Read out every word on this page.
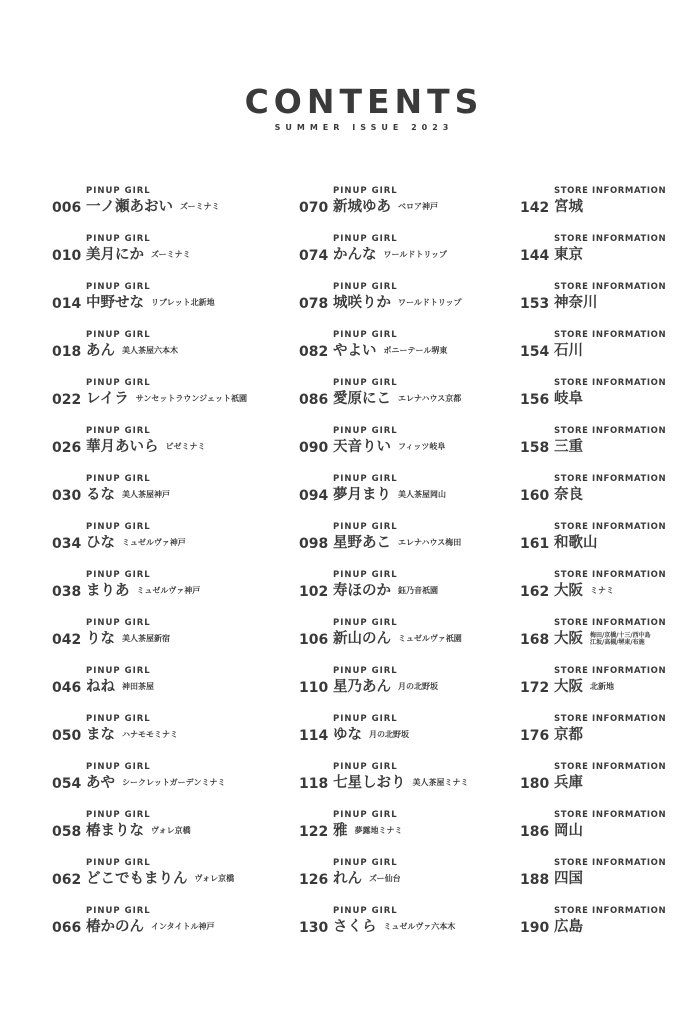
CONTENTS
SUMMER ISSUE 2023
PINUP GIRL
006 一ノ瀬あおい ズーミナミ
PINUP GIRL
010 美月にか ズーミナミ
PINUP GIRL
014 中野せな リブレット北新地
PINUP GIRL
018 あん 美人茶屋六本木
PINUP GIRL
022 レイラ サンセットラウンジェット祇園
PINUP GIRL
026 華月あいら ビゼミナミ
PINUP GIRL
030 るな 美人茶屋神戸
PINUP GIRL
034 ひな ミュゼルヴァ神戸
PINUP GIRL
038 まりあ ミュゼルヴァ神戸
PINUP GIRL
042 りな 美人茶屋新宿
PINUP GIRL
046 ねね 神田茶屋
PINUP GIRL
050 まな ハナモモミナミ
PINUP GIRL
054 あや シークレットガーデンミナミ
PINUP GIRL
058 椿まりな ヴォレ京橋
PINUP GIRL
062 どこでもまりん ヴォレ京橋
PINUP GIRL
066 椿かのん インタイトル神戸
PINUP GIRL
070 新城ゆあ ベロア神戸
PINUP GIRL
074 かんな ワールドトリップ
PINUP GIRL
078 城咲りか ワールドトリップ
PINUP GIRL
082 やよい ポニーテール堺東
PINUP GIRL
086 愛原にこ エレナハウス京都
PINUP GIRL
090 天音りい フィッツ岐阜
PINUP GIRL
094 夢月まり 美人茶屋岡山
PINUP GIRL
098 星野あこ エレナハウス梅田
PINUP GIRL
102 寿ほのか 鈺乃音祇園
PINUP GIRL
106 新山のん ミュゼルヴァ祇園
PINUP GIRL
110 星乃あん 月の北野坂
PINUP GIRL
114 ゆな 月の北野坂
PINUP GIRL
118 七星しおり 美人茶屋ミナミ
PINUP GIRL
122 雅夢露地ミナミ
PINUP GIRL
126 れん ズー仙台
PINUP GIRL
130 さくら ミュゼルヴァ六本木
STORE INFORMATION
142 宮城
STORE INFORMATION
144 東京
STORE INFORMATION
153 神奈川
STORE INFORMATION
154 石川
STORE INFORMATION
156 岐阜
STORE INFORMATION
158 三重
STORE INFORMATION
160 奈良
STORE INFORMATION
161 和歌山
STORE INFORMATION
162 大阪 ミナミ
STORE INFORMATION
168 大阪 梅田/京橋/十三/西中島
江坂/高槻/堺東/布施
STORE INFORMATION
172 大阪 北新地
STORE INFORMATION
176 京都
STORE INFORMATION
180 兵庫
STORE INFORMATION
186 岡山
STORE INFORMATION
188 四国
STORE INFORMATION
190 広島
